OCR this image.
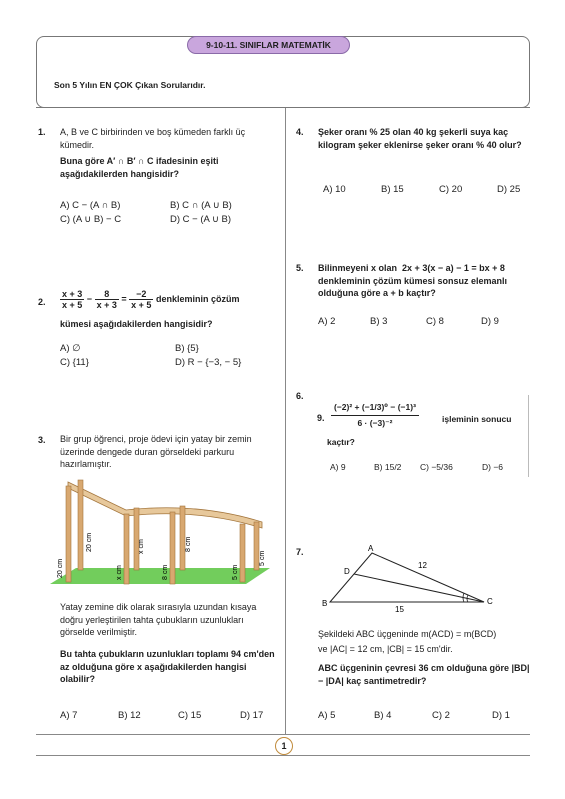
9-10-11. SINIFLAR MATEMATİK
Son 5 Yılın EN ÇOK Çıkan Sorularıdır.
1. A, B ve C birbirinden ve boş kümeden farklı üç kümedir.
Buna göre A′ ∩ B′ ∩ C ifadesinin eşiti aşağıdakilerden hangisidir?
A) C − (A ∩ B)	B) C ∩ (A ∪ B)
C) (A ∪ B) − C	D) C − (A ∪ B)
2. $\frac{x + 3}{x + 5} - \frac{8}{x + 3} = \frac{-2}{x + 5}$ denkleminin çözüm
kümesi aşağıdakilerden hangisidir?
A) ∅	B) {5}
C) {11}	D) R − {−3, − 5}
3. Bir grup öğrenci, proje ödevi için yatay bir zemin üzerinde dengede duran görseldeki parkuru hazırlamıştır.
20 cm
20 cm
x cm
x cm
8 cm
8 cm
5 cm
5 cm
Yatay zemine dik olarak sırasıyla uzundan kısaya doğru yerleştirilen tahta çubukların uzunlukları görselde verilmiştir.
Bu tahta çubukların uzunlukları toplamı 94 cm'den az olduğuna göre x aşağıdakilerden hangisi olabilir?
A) 7	B) 12	C) 15	D) 17
4. Şeker oranı % 25 olan 40 kg şekerli suya kaç kilogram şeker eklenirse şeker oranı % 40 olur?
A) 10	B) 15	C) 20	D) 25
5. Bilinmeyeni x olan 2x + 3(x − a) − 1 = bx + 8 denkleminin çözüm kümesi sonsuz elemanlı olduğuna göre a + b kaçtır?
A) 2	B) 3	C) 8	D) 9
6.
9. $\frac{\text{(−2)² + (−1/3)⁰ − (−1)³}}{\text{6 · (−3)⁻²}}$	işleminin sonucu
kaçtır?
A) 9	B) 15/2 C) −5/36	D) −6
7.	A
D
12
B
15
C
Şekildeki ABC üçgeninde m(ACD) = m(BCD)
ve |AC| = 12 cm, |CB| = 15 cm'dir.
ABC üçgeninin çevresi 36 cm olduğuna göre |BD| − |DA| kaç santimetredir?
A) 5	B) 4	C) 2	D) 1
1
